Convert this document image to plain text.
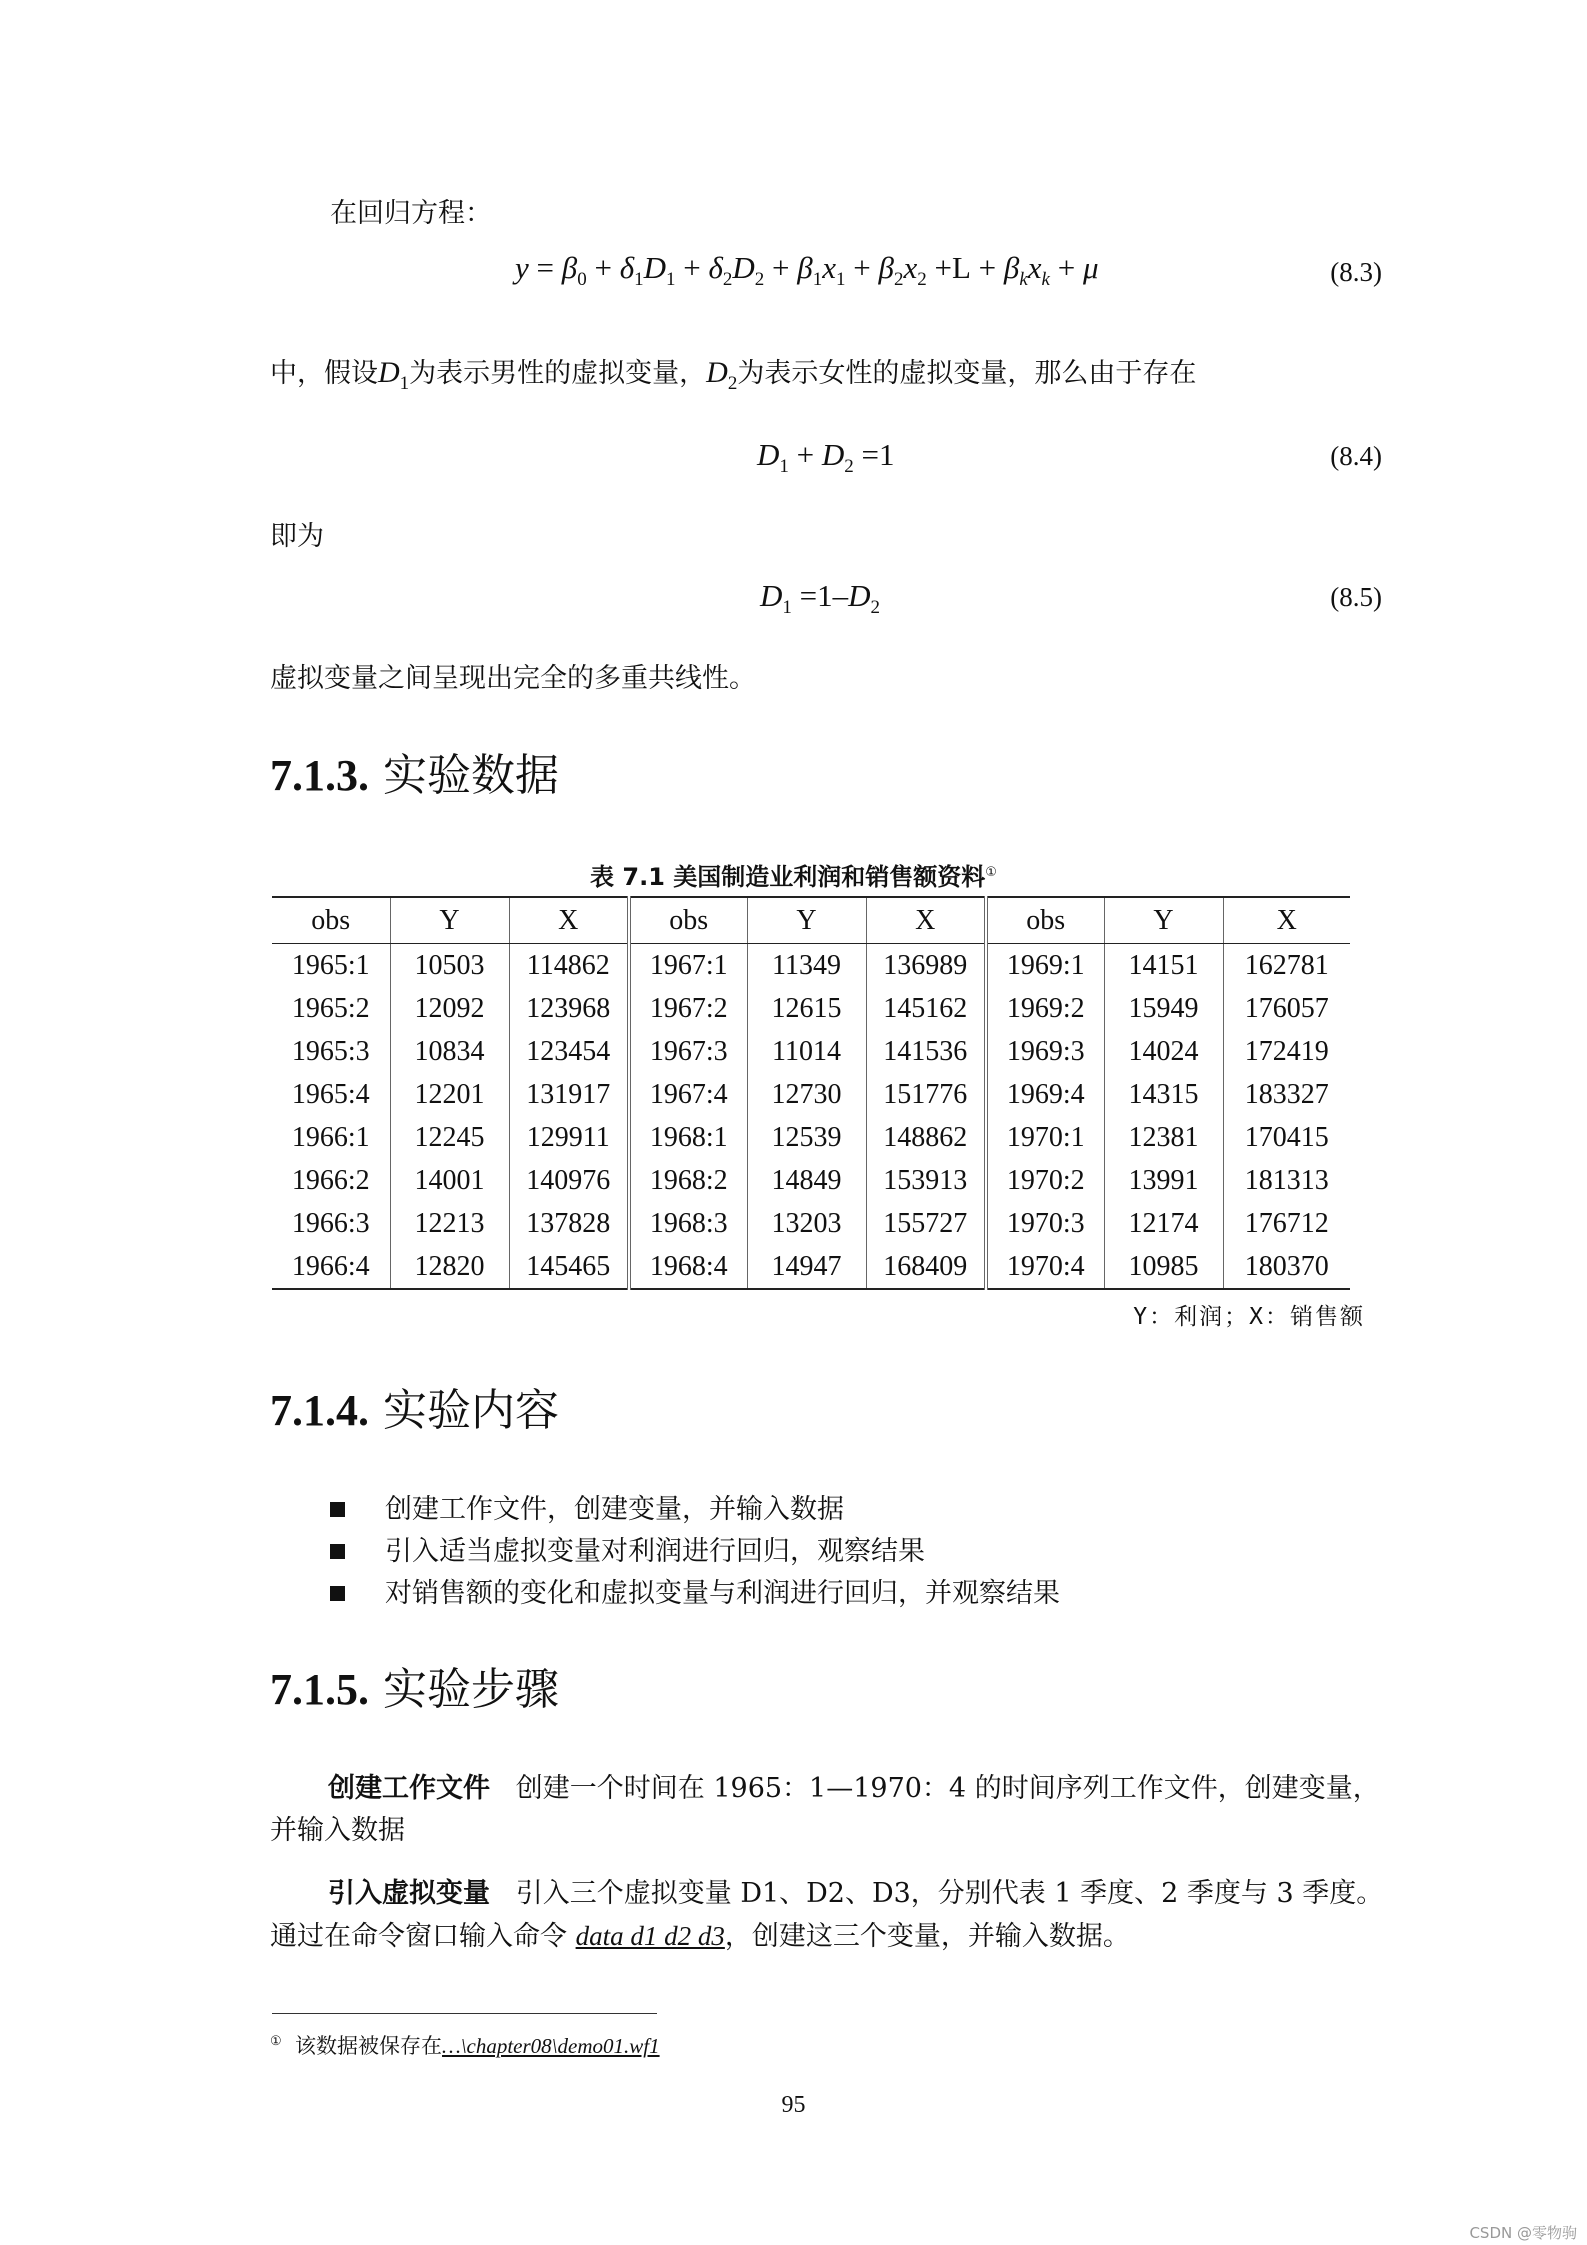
在回归方程：
$y = \beta_0 + \delta_1D_1 + \delta_2D_2 + \beta_1x_1 + \beta_2x_2 +L + \beta_kx_k + \mu$	(8.3)
中，假设$D_1$为表示男性的虚拟变量，$D_2$为表示女性的虚拟变量，那么由于存在
$D_1 + D_2 =1$	(8.4)
即为
$D_1 =1-D_2$	(8.5)
虚拟变量之间呈现出完全的多重共线性。
7.1.3. 实验数据
表 7.1 美国制造业利润和销售额资料①
obs	Y	X	obs	Y	X	obs	Y	X
1965:1	10503	114862	1967:1	11349	136989	1969:1	14151	162781
1965:2	12092	123968	1967:2	12615	145162	1969:2	15949	176057
1965:3	10834	123454	1967:3	11014	141536	1969:3	14024	172419
1965:4	12201	131917	1967:4	12730	151776	1969:4	14315	183327
1966:1	12245	129911	1968:1	12539	148862	1970:1	12381	170415
1966:2	14001	140976	1968:2	14849	153913	1970:2	13991	181313
1966:3	12213	137828	1968:3	13203	155727	1970:3	12174	176712
1966:4	12820	145465	1968:4	14947	168409	1970:4	10985	180370
Y：利润；X：销售额
7.1.4. 实验内容
创建工作文件，创建变量，并输入数据
引入适当虚拟变量对利润进行回归，观察结果
对销售额的变化和虚拟变量与利润进行回归，并观察结果
7.1.5. 实验步骤
创建工作文件 创建一个时间在 1965：1—1970：4 的时间序列工作文件，创建变量，
并输入数据
引入虚拟变量 引入三个虚拟变量 D1、D2、D3，分别代表 1 季度、2 季度与 3 季度。
通过在命令窗口输入命令 data d1 d2 d3，创建这三个变量，并输入数据。
① 该数据被保存在…\chapter08\demo01.wf1
95
CSDN @零物驹
